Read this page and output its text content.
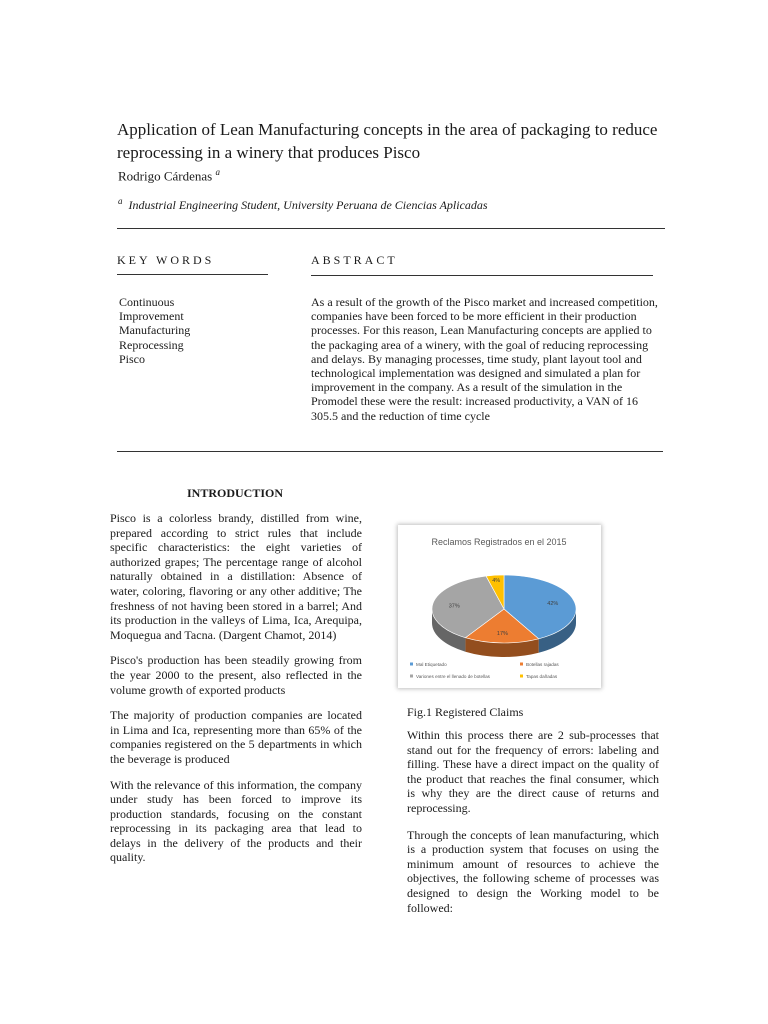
Application of Lean Manufacturing concepts in the area of packaging to reduce reprocessing in a winery that produces Pisco
Rodrigo Cárdenas $^a$
$^a$ Industrial Engineering Student, University Peruana de Ciencias Aplicadas
KEY WORDS	ABSTRACT
Continuous
Improvement
Manufacturing
Reprocessing
Pisco
As a result of the growth of the Pisco market and increased competition, companies have been forced to be more efficient in their production processes. For this reason, Lean Manufacturing concepts are applied to the packaging area of a winery, with the goal of reducing reprocessing and delays. By managing processes, time study, plant layout tool and technological implementation was designed and simulated a plan for improvement in the company. As a result of the simulation in the Promodel these were the result: increased productivity, a VAN of 16 305.5 and the reduction of time cycle
INTRODUCTION

Pisco is a colorless brandy, distilled from wine, prepared according to strict rules that include specific characteristics: the eight varieties of authorized grapes; The percentage range of alcohol naturally obtained in a distillation: Absence of water, coloring, flavoring or any other additive; The freshness of not having been stored in a barrel; And its production in the valleys of Lima, Ica, Arequipa, Moquegua and Tacna. (Dargent Chamot, 2014)

Pisco's production has been steadily growing from the year 2000 to the present, also reflected in the volume growth of exported products

The majority of production companies are located in Lima and Ica, representing more than 65% of the companies registered on the 5 departments in which the beverage is produced

With the relevance of this information, the company under study has been forced to improve its production standards, focusing on the constant reprocessing in its packaging area that lead to delays in the delivery of the products and their quality.

Reclamos Registrados en el 2015
42%
17%
37%
4%
Mal Etiquetado	Botellas rajadas
Variones entre el llenado de botellas	Tapas dañadas
Fig.1 Registered Claims

Within this process there are 2 sub-processes that stand out for the frequency of errors: labeling and filling. These have a direct impact on the quality of the product that reaches the final consumer, which is why they are the direct cause of returns and reprocessing.

Through the concepts of lean manufacturing, which is a production system that focuses on using the minimum amount of resources to achieve the objectives, the following scheme of processes was designed to design the Working model to be followed:
